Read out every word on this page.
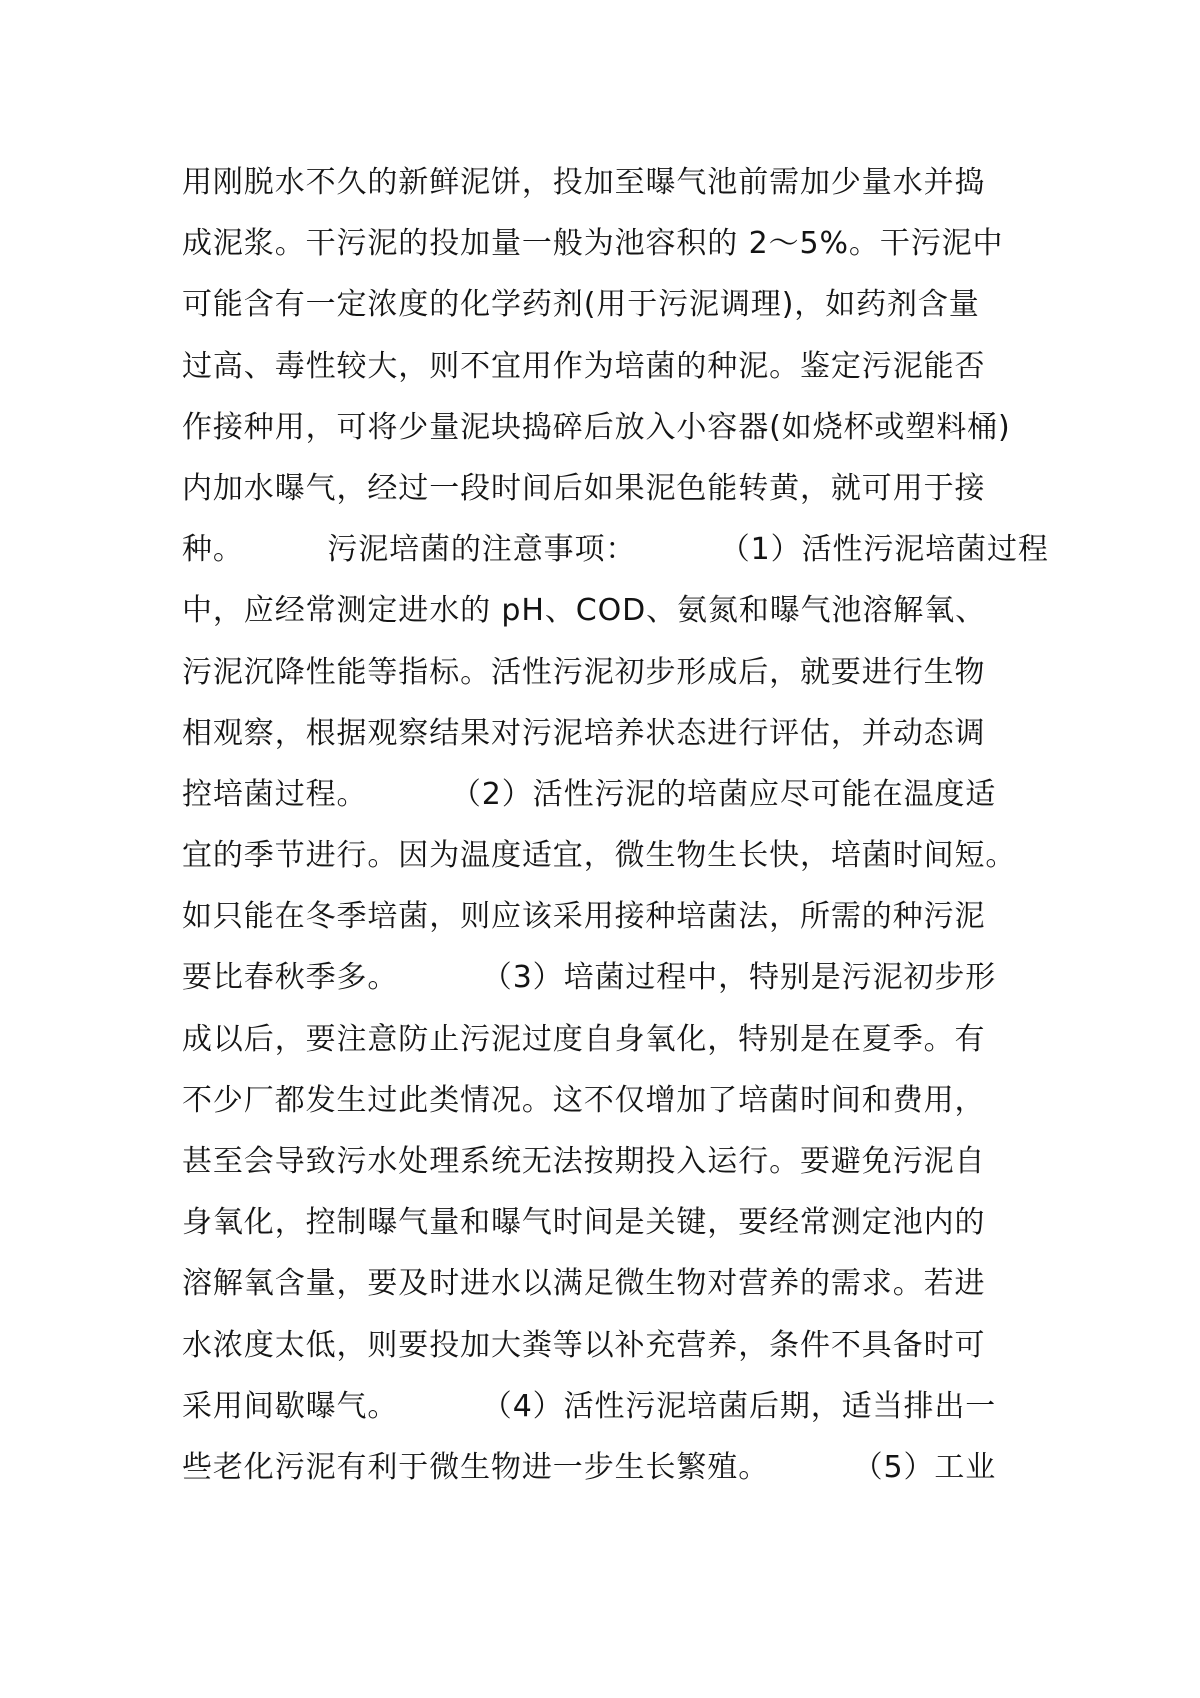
用刚脱水不久的新鲜泥饼，投加至曝气池前需加少量水并捣
成泥浆。干污泥的投加量一般为池容积的 2～5%。干污泥中
可能含有一定浓度的化学药剂(用于污泥调理)，如药剂含量
过高、毒性较大，则不宜用作为培菌的种泥。鉴定污泥能否
作接种用，可将少量泥块捣碎后放入小容器(如烧杯或塑料桶)
内加水曝气，经过一段时间后如果泥色能转黄，就可用于接
种。        污泥培菌的注意事项：        （1）活性污泥培菌过程
中，应经常测定进水的 pH、COD、氨氮和曝气池溶解氧、
污泥沉降性能等指标。活性污泥初步形成后，就要进行生物
相观察，根据观察结果对污泥培养状态进行评估，并动态调
控培菌过程。        （2）活性污泥的培菌应尽可能在温度适
宜的季节进行。因为温度适宜，微生物生长快，培菌时间短。
如只能在冬季培菌，则应该采用接种培菌法，所需的种污泥
要比春秋季多。        （3）培菌过程中，特别是污泥初步形
成以后，要注意防止污泥过度自身氧化，特别是在夏季。有
不少厂都发生过此类情况。这不仅增加了培菌时间和费用，
甚至会导致污水处理系统无法按期投入运行。要避免污泥自
身氧化，控制曝气量和曝气时间是关键，要经常测定池内的
溶解氧含量，要及时进水以满足微生物对营养的需求。若进
水浓度太低，则要投加大粪等以补充营养，条件不具备时可
采用间歇曝气。        （4）活性污泥培菌后期，适当排出一
些老化污泥有利于微生物进一步生长繁殖。        （5）工业
